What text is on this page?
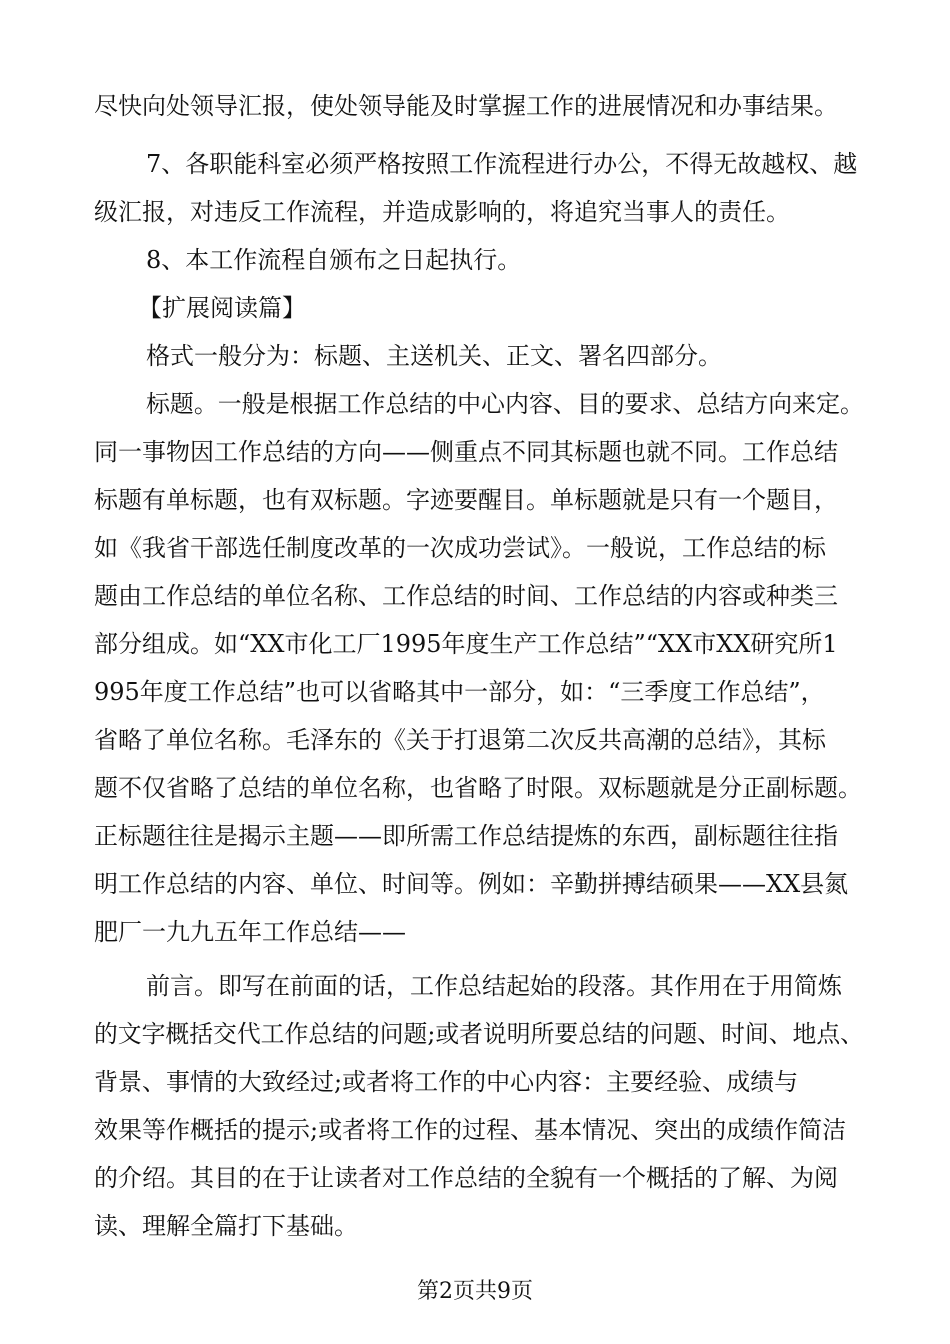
尽快向处领导汇报，使处领导能及时掌握工作的进展情况和办事结果。
7、各职能科室必须严格按照工作流程进行办公，不得无故越权、越
级汇报，对违反工作流程，并造成影响的，将追究当事人的责任。
8、本工作流程自颁布之日起执行。
【扩展阅读篇】
格式一般分为：标题、主送机关、正文、署名四部分。
标题。一般是根据工作总结的中心内容、目的要求、总结方向来定。
同一事物因工作总结的方向——侧重点不同其标题也就不同。工作总结
标题有单标题，也有双标题。字迹要醒目。单标题就是只有一个题目，
如《我省干部选任制度改革的一次成功尝试》。一般说，工作总结的标
题由工作总结的单位名称、工作总结的时间、工作总结的内容或种类三
部分组成。如“XX市化工厂1995年度生产工作总结”“XX市XX研究所1
995年度工作总结”也可以省略其中一部分，如：“三季度工作总结”，
省略了单位名称。毛泽东的《关于打退第二次反共高潮的总结》，其标
题不仅省略了总结的单位名称，也省略了时限。双标题就是分正副标题。
正标题往往是揭示主题——即所需工作总结提炼的东西，副标题往往指
明工作总结的内容、单位、时间等。例如：辛勤拼搏结硕果——XX县氮
肥厂一九九五年工作总结——
前言。即写在前面的话，工作总结起始的段落。其作用在于用简炼
的文字概括交代工作总结的问题;或者说明所要总结的问题、时间、地点、
背景、事情的大致经过;或者将工作的中心内容：主要经验、成绩与
效果等作概括的提示;或者将工作的过程、基本情况、突出的成绩作简洁
的介绍。其目的在于让读者对工作总结的全貌有一个概括的了解、为阅
读、理解全篇打下基础。
第2页共9页
